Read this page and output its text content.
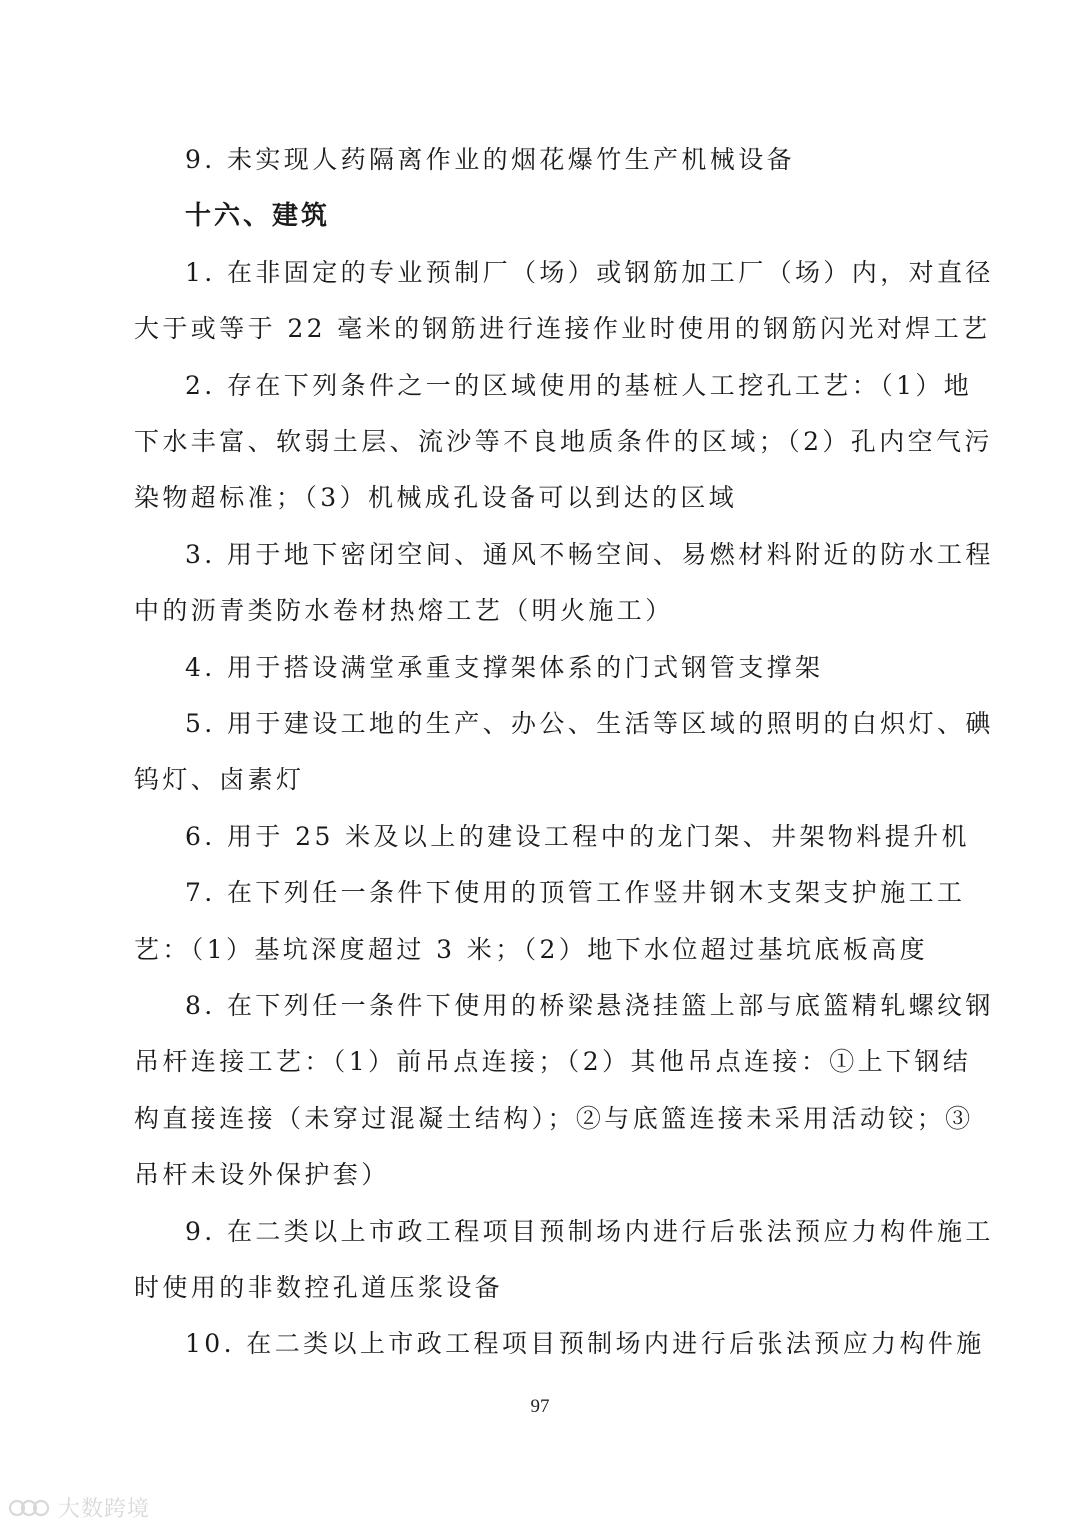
9. 未实现人药隔离作业的烟花爆竹生产机械设备
十六、建筑
1. 在非固定的专业预制厂（场）或钢筋加工厂（场）内，对直径
大于或等于 22 毫米的钢筋进行连接作业时使用的钢筋闪光对焊工艺
2. 存在下列条件之一的区域使用的基桩人工挖孔工艺：（1）地
下水丰富、软弱土层、流沙等不良地质条件的区域；（2）孔内空气污
染物超标准；（3）机械成孔设备可以到达的区域
3. 用于地下密闭空间、通风不畅空间、易燃材料附近的防水工程
中的沥青类防水卷材热熔工艺（明火施工）
4. 用于搭设满堂承重支撑架体系的门式钢管支撑架
5. 用于建设工地的生产、办公、生活等区域的照明的白炽灯、碘
钨灯、卤素灯
6. 用于 25 米及以上的建设工程中的龙门架、井架物料提升机
7. 在下列任一条件下使用的顶管工作竖井钢木支架支护施工工
艺：（1）基坑深度超过 3 米；（2）地下水位超过基坑底板高度
8. 在下列任一条件下使用的桥梁悬浇挂篮上部与底篮精轧螺纹钢
吊杆连接工艺：（1）前吊点连接；（2）其他吊点连接：①上下钢结
构直接连接（未穿过混凝土结构）；②与底篮连接未采用活动铰；③
吊杆未设外保护套）
9. 在二类以上市政工程项目预制场内进行后张法预应力构件施工
时使用的非数控孔道压浆设备
10. 在二类以上市政工程项目预制场内进行后张法预应力构件施
97
大数跨境
